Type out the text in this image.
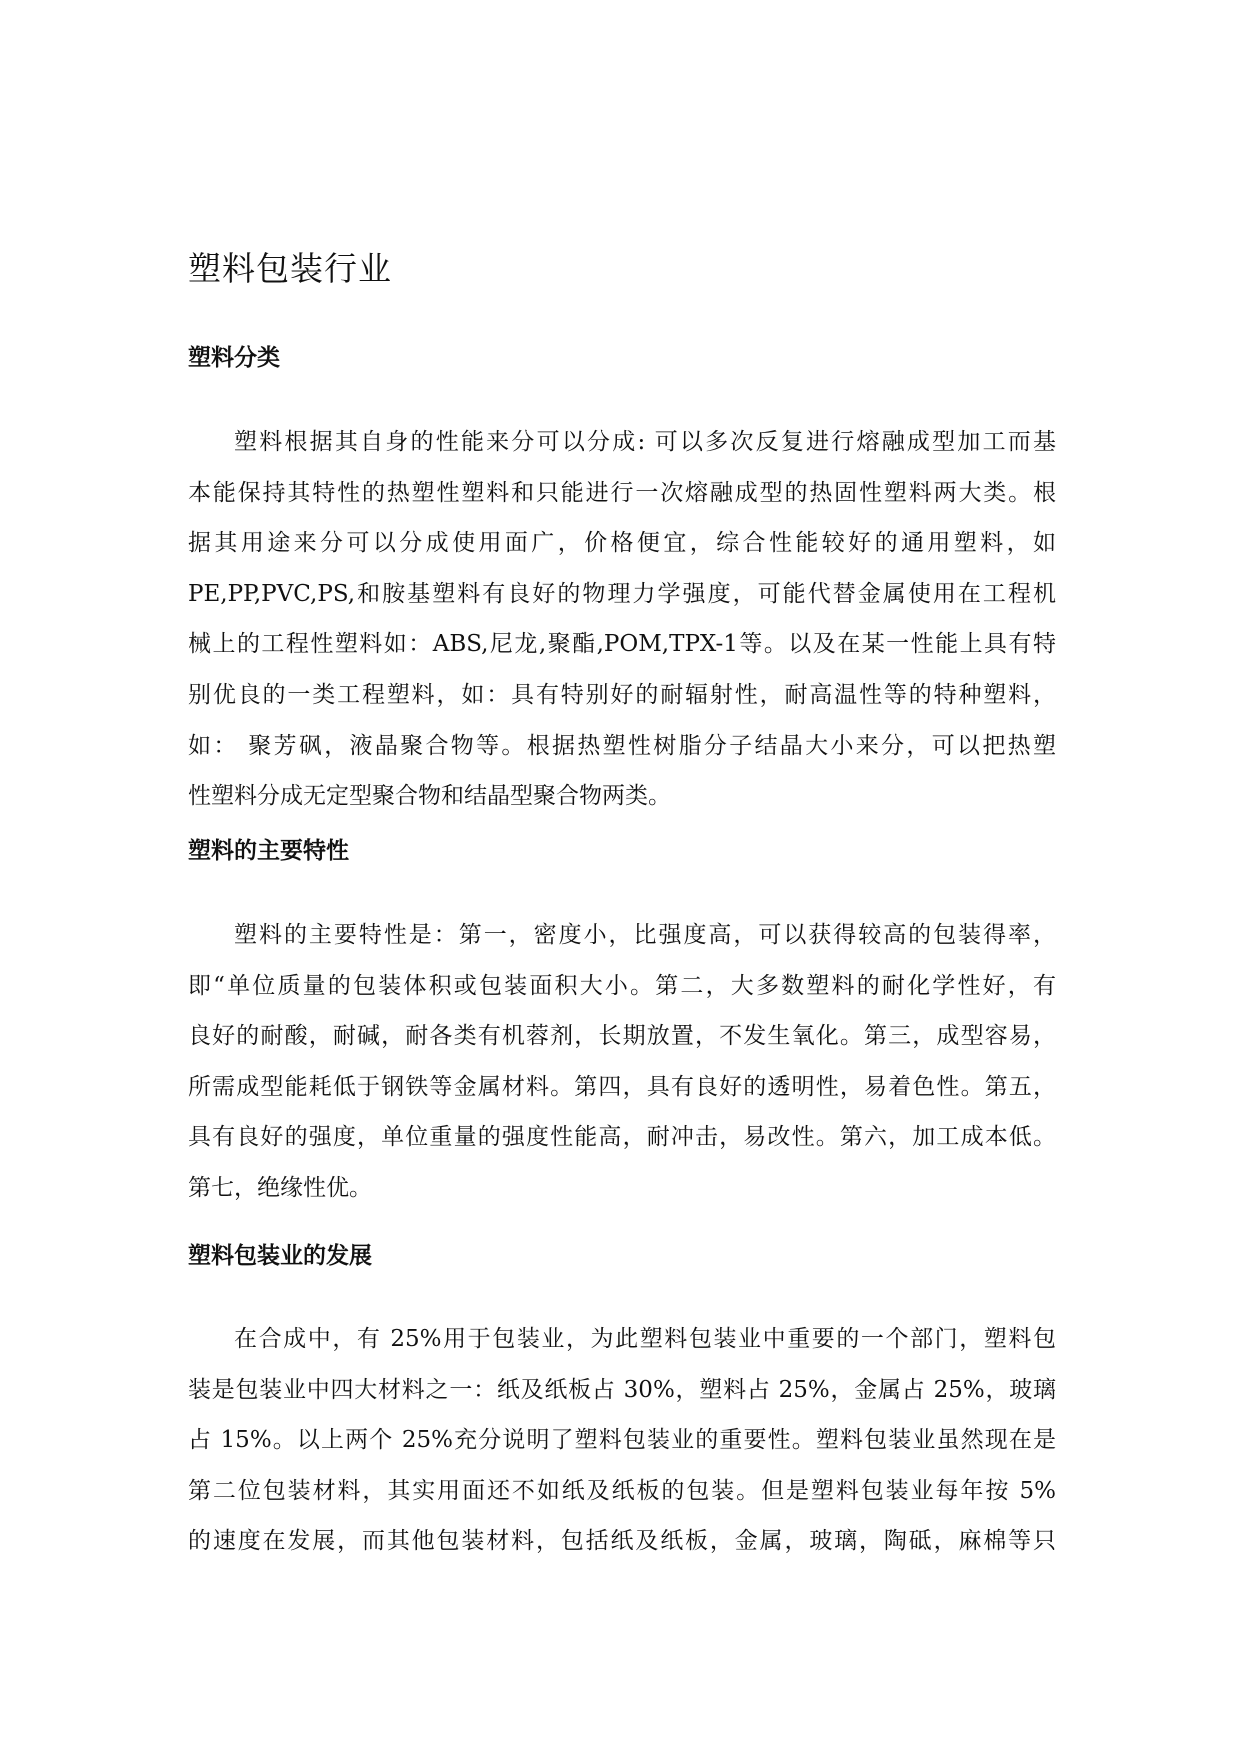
塑料包装行业
塑料分类
塑料根据其自身的性能来分可以分成: 可以多次反复进行熔融成型加工而基
本能保持其特性的热塑性塑料和只能进行一次熔融成型的热固性塑料两大类。根
据其用途来分可以分成使用面广，价格便宜，综合性能较好的通用塑料，如
PE,PP,PVC,PS,和胺基塑料有良好的物理力学强度，可能代替金属使用在工程机
械上的工程性塑料如：ABS,尼龙,聚酯,POM,TPX-1等。以及在某一性能上具有特
别优良的一类工程塑料，如：具有特别好的耐辐射性，耐高温性等的特种塑料，
如： 聚芳砜，液晶聚合物等。根据热塑性树脂分子结晶大小来分，可以把热塑
性塑料分成无定型聚合物和结晶型聚合物两类。
塑料的主要特性
塑料的主要特性是：第一，密度小，比强度高，可以获得较高的包装得率，
即“单位质量的包装体积或包装面积大小。第二，大多数塑料的耐化学性好，有
良好的耐酸，耐碱，耐各类有机蓉剂，长期放置，不发生氧化。第三，成型容易，
所需成型能耗低于钢铁等金属材料。第四，具有良好的透明性，易着色性。第五，
具有良好的强度，单位重量的强度性能高，耐冲击，易改性。第六，加工成本低。
第七，绝缘性优。
塑料包装业的发展
在合成中，有 25%用于包装业，为此塑料包装业中重要的一个部门，塑料包
装是包装业中四大材料之一：纸及纸板占 30%，塑料占 25%，金属占 25%，玻璃
占 15%。以上两个 25%充分说明了塑料包装业的重要性。塑料包装业虽然现在是
第二位包装材料，其实用面还不如纸及纸板的包装。但是塑料包装业每年按 5%
的速度在发展，而其他包装材料，包括纸及纸板，金属，玻璃，陶砥，麻棉等只
